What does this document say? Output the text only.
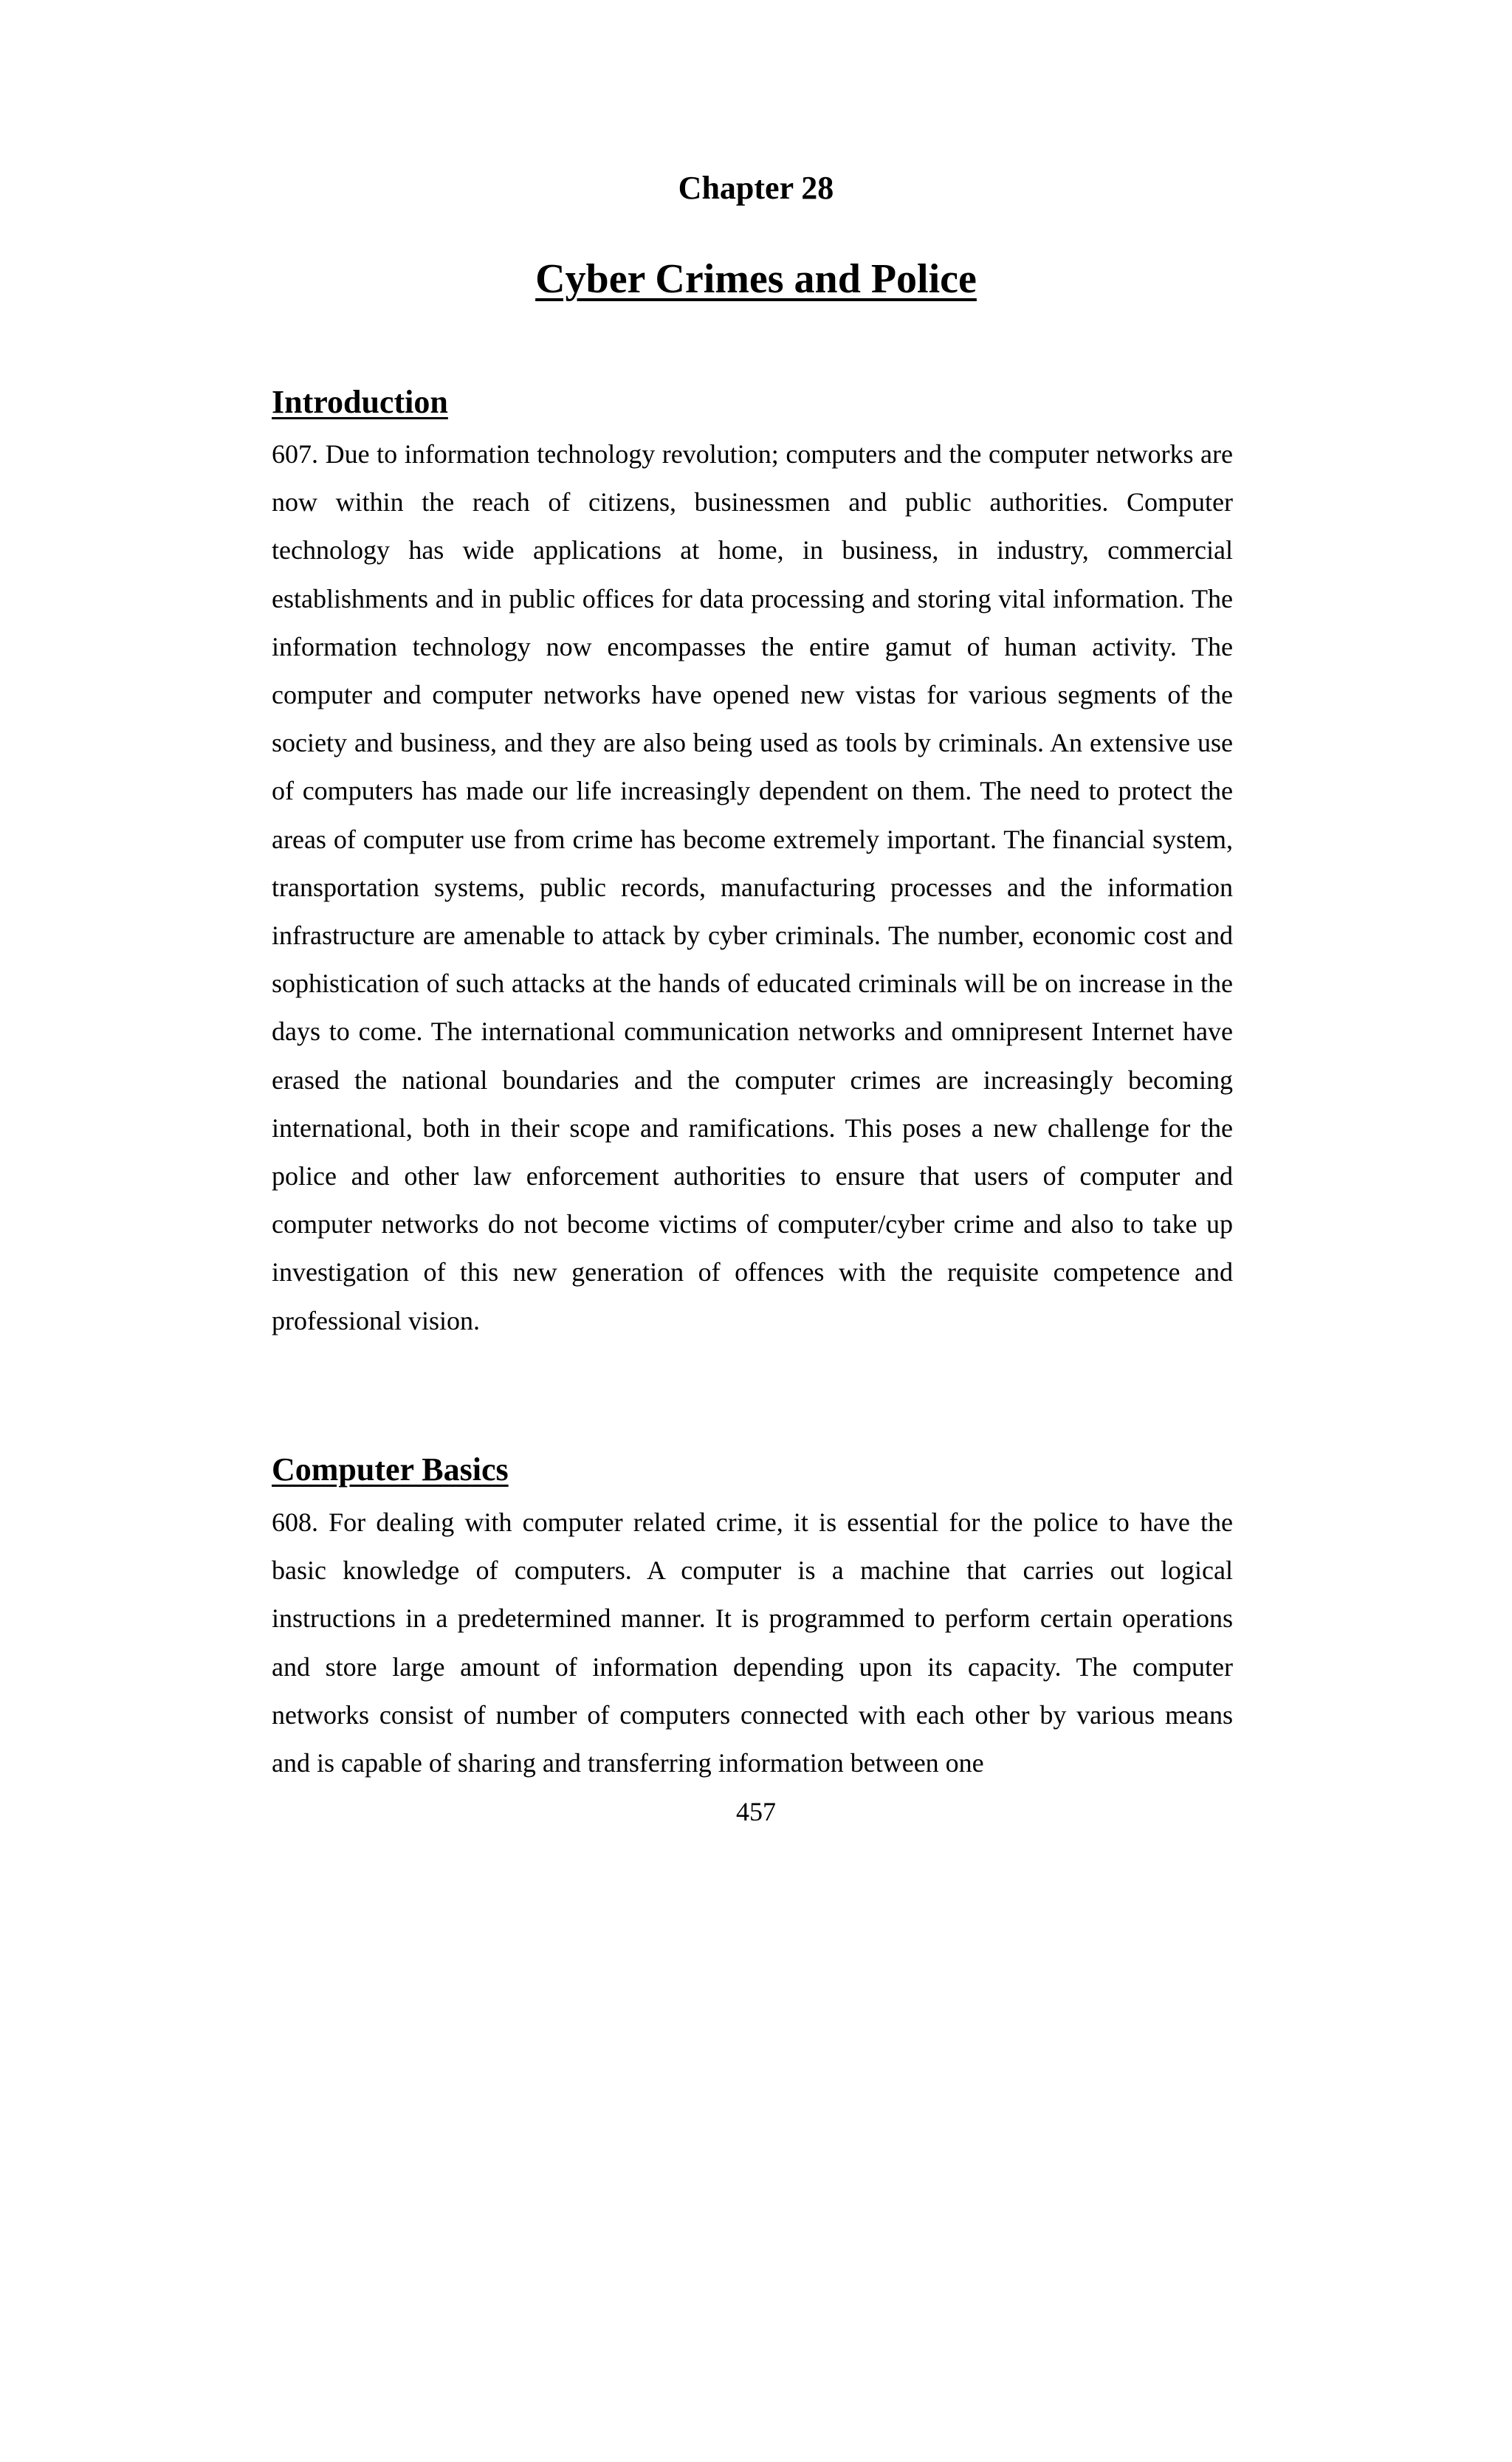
Chapter 28
Cyber Crimes and Police
Introduction

607. Due to information technology revolution; computers and the computer networks are now within the reach of citizens, businessmen and public authorities. Computer technology has wide applications at home, in business, in industry, commercial establishments and in public offices for data processing and storing vital information. The information technology now encompasses the entire gamut of human activity. The computer and computer networks have opened new vistas for various segments of the society and business, and they are also being used as tools by criminals. An extensive use of computers has made our life increasingly dependent on them. The need to protect the areas of computer use from crime has become extremely important. The financial system, transportation systems, public records, manufacturing processes and the information infrastructure are amenable to attack by cyber criminals. The number, economic cost and sophistication of such attacks at the hands of educated criminals will be on increase in the days to come. The international communication networks and omnipresent Internet have erased the national boundaries and the computer crimes are increasingly becoming international, both in their scope and ramifications. This poses a new challenge for the police and other law enforcement authorities to ensure that users of computer and computer networks do not become victims of computer/cyber crime and also to take up investigation of this new generation of offences with the requisite competence and professional vision.

Computer Basics

608. For dealing with computer related crime, it is essential for the police to have the basic knowledge of computers. A computer is a machine that carries out logical instructions in a predetermined manner. It is programmed to perform certain operations and store large amount of information depending upon its capacity. The computer networks consist of number of computers connected with each other by various means and is capable of sharing and transferring information between one

457
